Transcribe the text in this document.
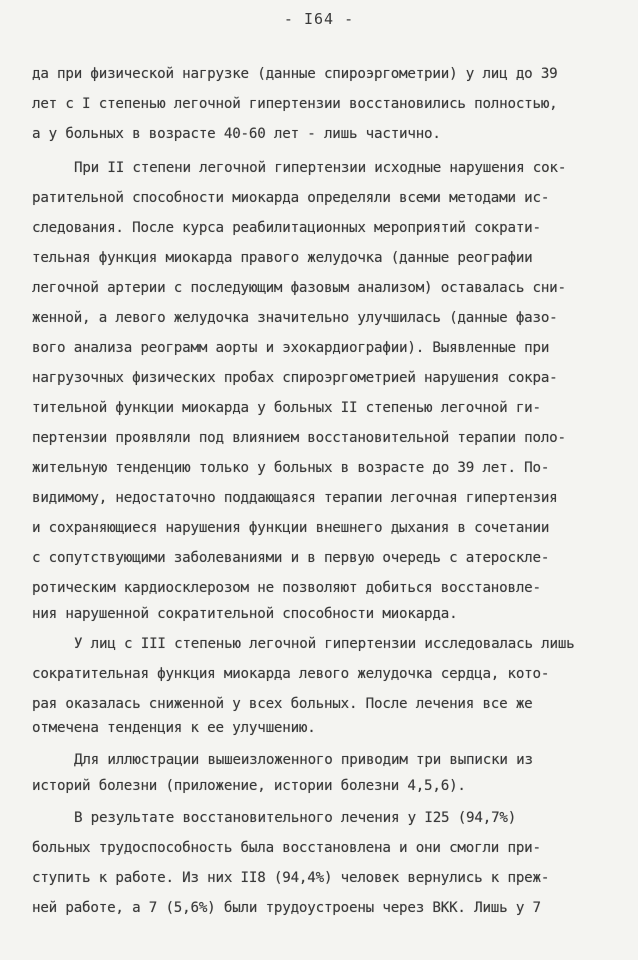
- I64 -
да при физической нагрузке (данные спироэргометрии) у лиц до 39
лет с I степенью легочной гипертензии восстановились полностью,
а у больных в возрасте 40-60 лет - лишь частично.
При II степени легочной гипертензии исходные нарушения сок-
ратительной способности миокарда определяли всеми методами ис-
следования. После курса реабилитационных мероприятий сократи-
тельная функция миокарда правого желудочка (данные реографии
легочной артерии с последующим фазовым анализом) оставалась сни-
женной, а левого желудочка значительно улучшилась (данные фазо-
вого анализа реограмм аорты и эхокардиографии). Выявленные при
нагрузочных физических пробах спироэргометрией нарушения сокра-
тительной функции миокарда у больных II степенью легочной ги-
пертензии проявляли под влиянием восстановительной терапии поло-
жительную тенденцию только у больных в возрасте до 39 лет. По-
видимому, недостаточно поддающаяся терапии легочная гипертензия
и сохраняющиеся нарушения функции внешнего дыхания в сочетании
с сопутствующими заболеваниями и в первую очередь с атероскле-
ротическим кардиосклерозом не позволяют добиться восстановле-
ния нарушенной сократительной способности миокарда.
У лиц с III степенью легочной гипертензии исследовалась лишь
сократительная функция миокарда левого желудочка сердца, кото-
рая оказалась сниженной у всех больных. После лечения все же
отмечена тенденция к ее улучшению.
Для иллюстрации вышеизложенного приводим три выписки из
историй болезни (приложение, истории болезни 4,5,6).
В результате восстановительного лечения у I25 (94,7%)
больных трудоспособность была восстановлена и они смогли при-
ступить к работе. Из них II8 (94,4%) человек вернулись к преж-
ней работе, а 7 (5,6%) были трудоустроены через ВКК. Лишь у 7
